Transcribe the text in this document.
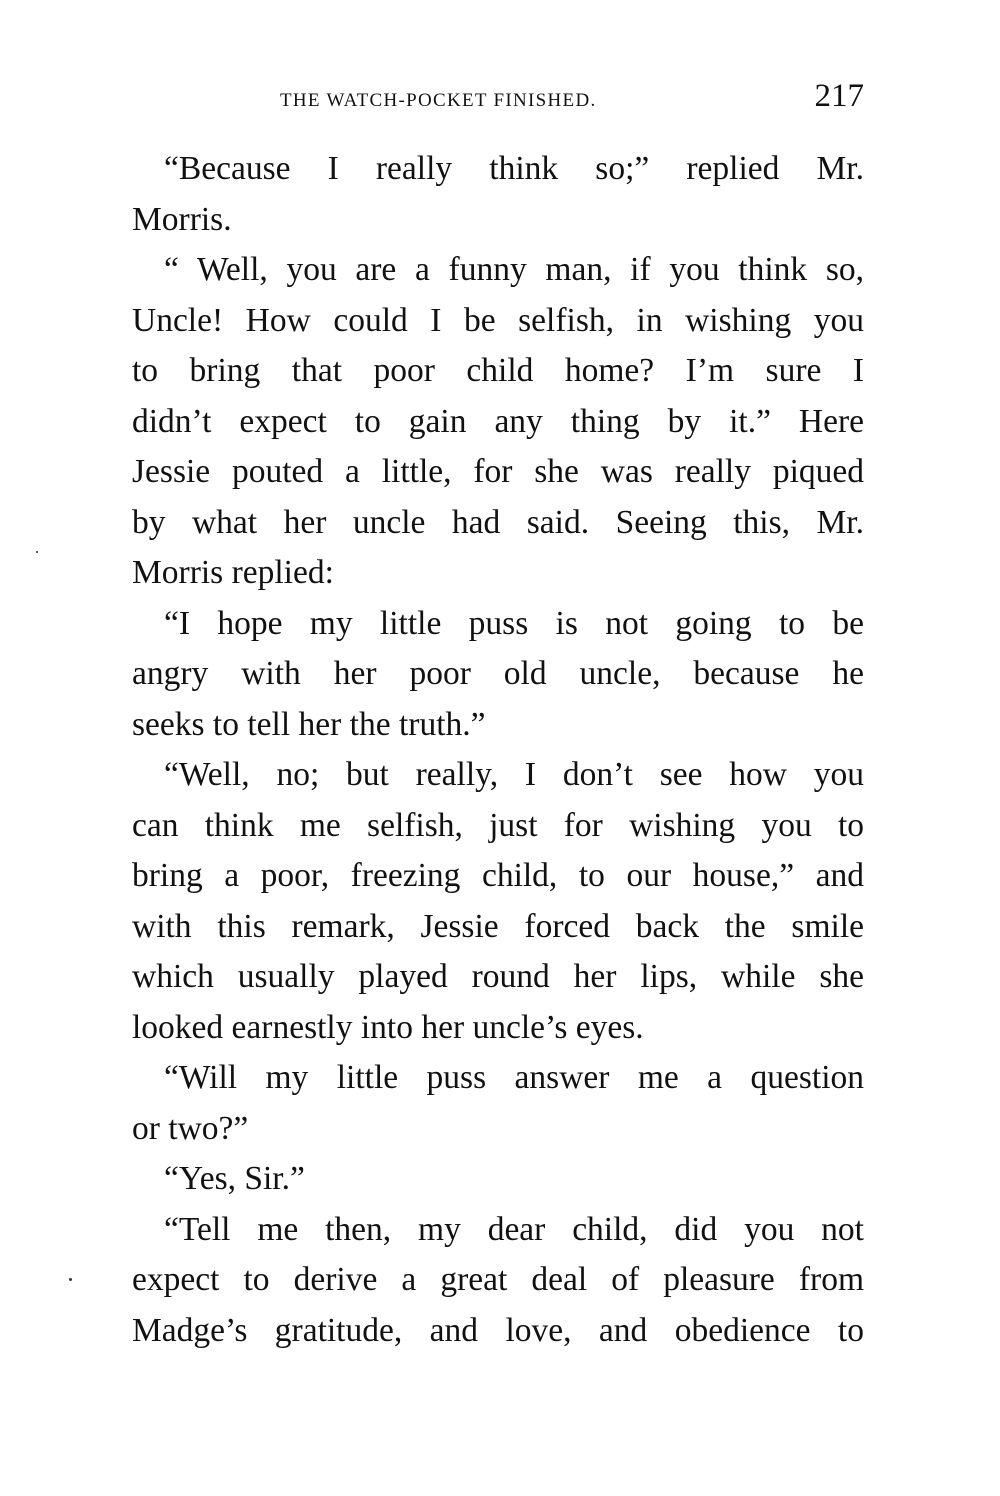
THE WATCH-POCKET FINISHED.	217
“Because I really think so;” replied Mr.
Morris.
“ Well, you are a funny man, if you think so,
Uncle! How could I be selfish, in wishing you
to bring that poor child home? I’m sure I
didn’t expect to gain any thing by it.” Here
Jessie pouted a little, for she was really piqued
by what her uncle had said. Seeing this, Mr.
Morris replied:
“I hope my little puss is not going to be
angry with her poor old uncle, because he
seeks to tell her the truth.”
“Well, no; but really, I don’t see how you
can think me selfish, just for wishing you to
bring a poor, freezing child, to our house,” and
with this remark, Jessie forced back the smile
which usually played round her lips, while she
looked earnestly into her uncle’s eyes.
“Will my little puss answer me a question
or two?”
“Yes, Sir.”
“Tell me then, my dear child, did you not
expect to derive a great deal of pleasure from
Madge’s gratitude, and love, and obedience to
